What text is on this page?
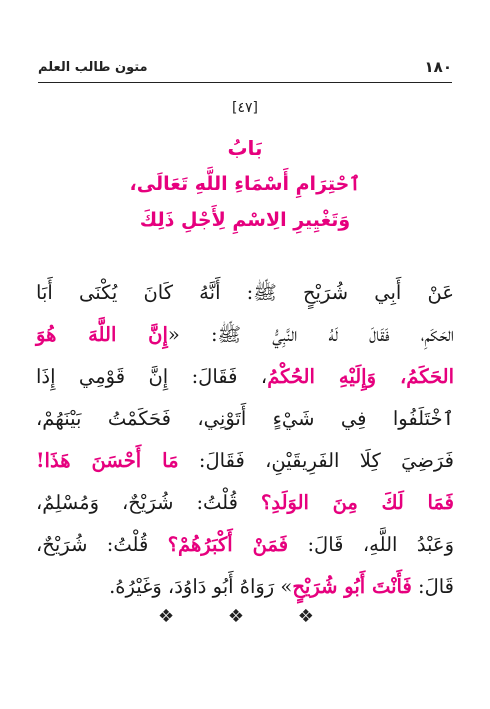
١٨٠
متون طالب العلم
[٤٧]
بَابُ
ٱحْتِرَامِ أَسْمَاءِ اللَّهِ تَعَالَى،
وَتَغْيِيرِ الِاسْمِ لِأَجْلِ ذَلِكَ
عَنْ أَبِي شُرَيْحٍ ﷺ: أَنَّهُ كَانَ يُكْنَى أَبَا
الحَكَمِ، فَقَالَ لَهُ النَّبِيُّ ﷺ: «إِنَّ اللَّهَ هُوَ
الحَكَمُ، وَإِلَيْهِ الحُكْمُ، فَقَالَ: إِنَّ قَوْمِي إِذَا
ٱخْتَلَفُوا فِي شَيْءٍ أَتَوْنِي، فَحَكَمْتُ بَيْنَهُمْ،
فَرَضِيَ كِلَا الفَرِيقَيْنِ، فَقَالَ: مَا أَحْسَنَ هَذَا!
فَمَا لَكَ مِنَ الوَلَدِ؟ قُلْتُ: شُرَيْحٌ، وَمُسْلِمٌ،
وَعَبْدُ اللَّهِ، قَالَ: فَمَنْ أَكْبَرُهُمْ؟ قُلْتُ: شُرَيْحٌ،
قَالَ: فَأَنْتَ أَبُو شُرَيْحٍ» رَوَاهُ أَبُو دَاوُدَ، وَغَيْرُهُ.
❖ ❖ ❖
